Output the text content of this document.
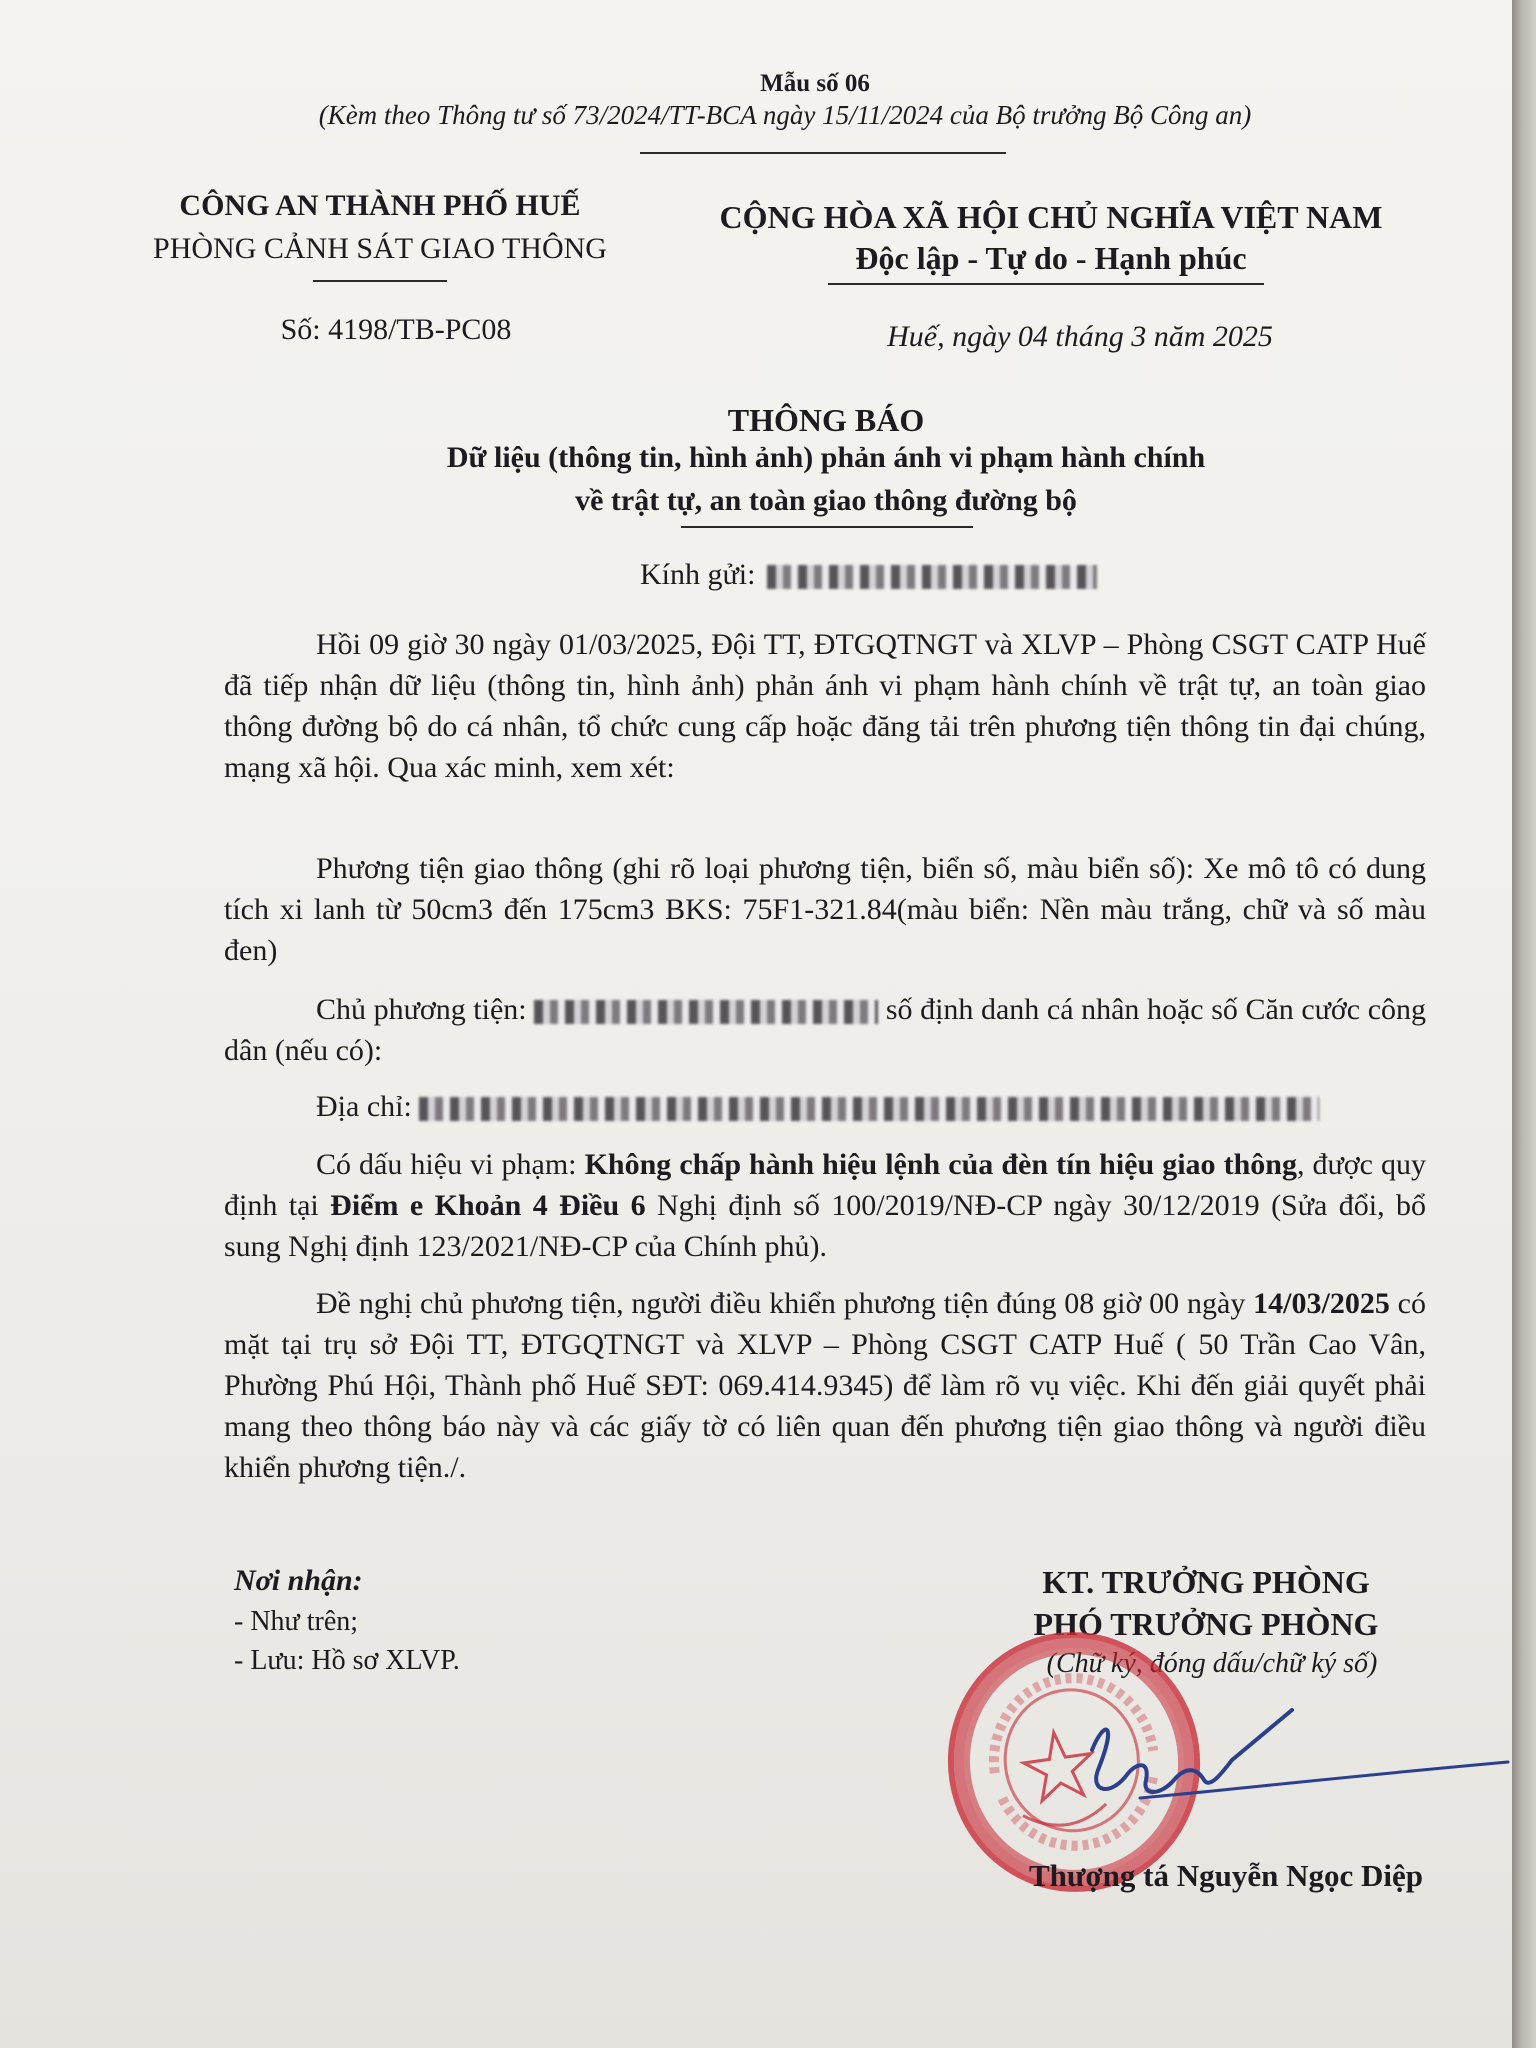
Mẫu số 06
(Kèm theo Thông tư số 73/2024/TT-BCA ngày 15/11/2024 của Bộ trưởng Bộ Công an)
CÔNG AN THÀNH PHỐ HUẾ
PHÒNG CẢNH SÁT GIAO THÔNG
Số: 4198/TB-PC08
CỘNG HÒA XÃ HỘI CHỦ NGHĨA VIỆT NAM
Độc lập - Tự do - Hạnh phúc
Huế, ngày 04 tháng 3 năm 2025
THÔNG BÁO
Dữ liệu (thông tin, hình ảnh) phản ánh vi phạm hành chính
về trật tự, an toàn giao thông đường bộ
Kính gửi:

Hồi 09 giờ 30 ngày 01/03/2025, Đội TT, ĐTGQTNGT và XLVP – Phòng CSGT CATP Huế đã tiếp nhận dữ liệu (thông tin, hình ảnh) phản ánh vi phạm hành chính về trật tự, an toàn giao thông đường bộ do cá nhân, tổ chức cung cấp hoặc đăng tải trên phương tiện thông tin đại chúng, mạng xã hội. Qua xác minh, xem xét:

Phương tiện giao thông (ghi rõ loại phương tiện, biển số, màu biển số): Xe mô tô có dung tích xi lanh từ 50cm3 đến 175cm3 BKS: 75F1-321.84(màu biển: Nền màu trắng, chữ và số màu đen)

Chủ phương tiện:	số định danh cá nhân hoặc số Căn cước công dân (nếu có):

Địa chỉ:

Có dấu hiệu vi phạm: Không chấp hành hiệu lệnh của đèn tín hiệu giao thông, được quy định tại Điểm e Khoản 4 Điều 6 Nghị định số 100/2019/NĐ-CP ngày 30/12/2019 (Sửa đổi, bổ sung Nghị định 123/2021/NĐ-CP của Chính phủ).

Đề nghị chủ phương tiện, người điều khiển phương tiện đúng 08 giờ 00 ngày 14/03/2025 có mặt tại trụ sở Đội TT, ĐTGQTNGT và XLVP – Phòng CSGT CATP Huế ( 50 Trần Cao Vân, Phường Phú Hội, Thành phố Huế SĐT: 069.414.9345) để làm rõ vụ việc. Khi đến giải quyết phải mang theo thông báo này và các giấy tờ có liên quan đến phương tiện giao thông và người điều khiển phương tiện./.

Nơi nhận:
- Như trên;
- Lưu: Hồ sơ XLVP.
KT. TRƯỞNG PHÒNG
PHÓ TRƯỞNG PHÒNG
(Chữ ký, đóng dấu/chữ ký số)
Thượng tá Nguyễn Ngọc Diệp
